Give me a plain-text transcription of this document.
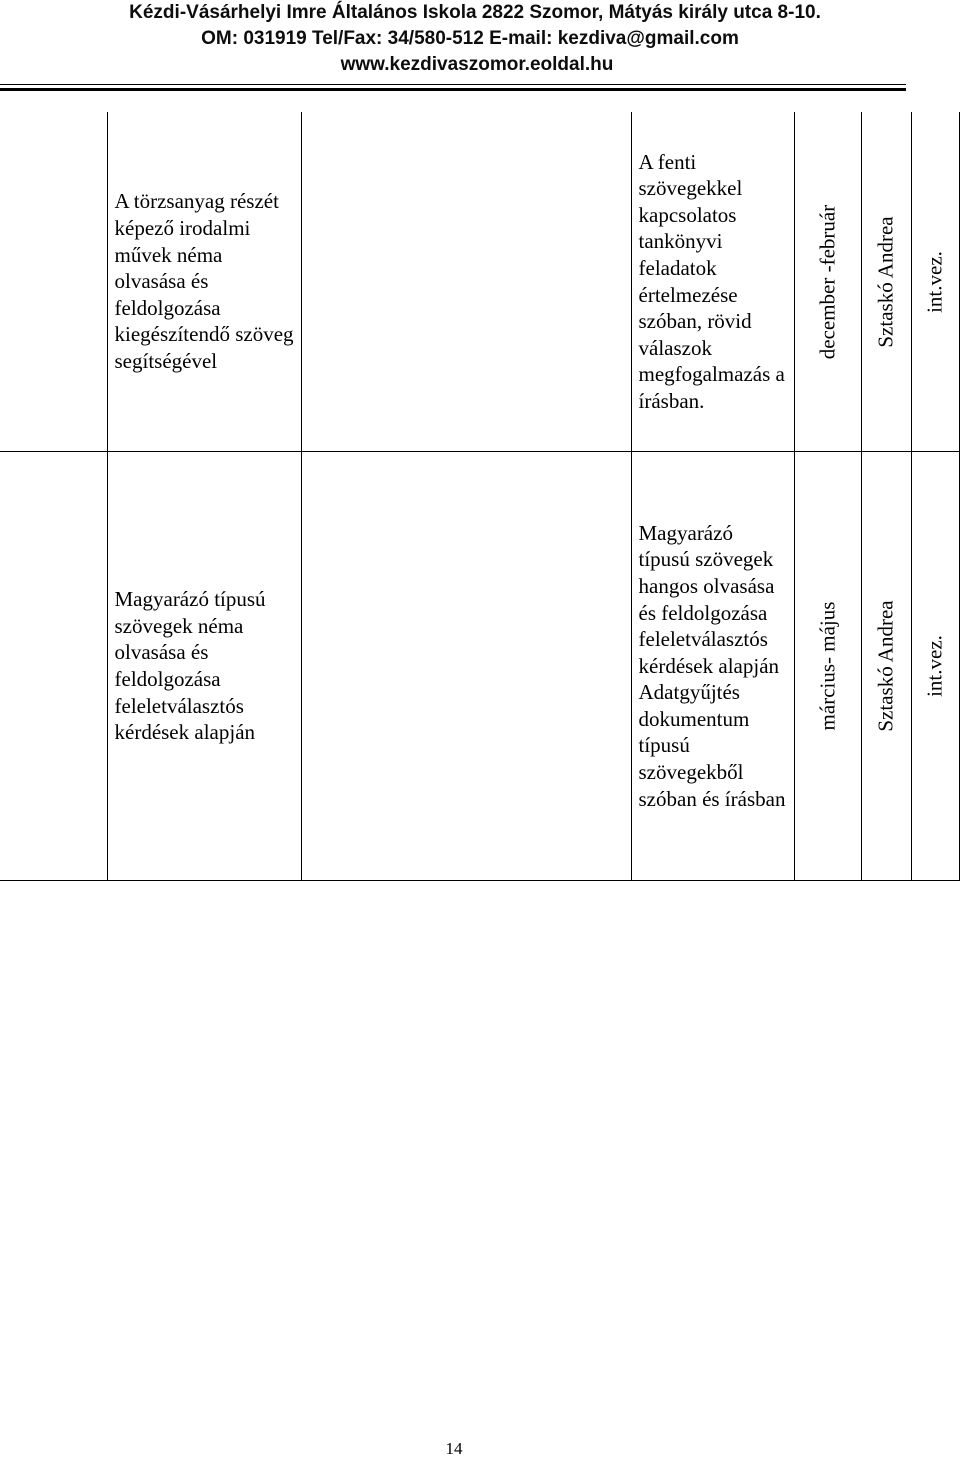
Kézdi-Vásárhelyi Imre Általános Iskola 2822 Szomor, Mátyás király utca 8-10.
OM: 031919 Tel/Fax: 34/580-512 E-mail: kezdiva@gmail.com
www.kezdivaszomor.eoldal.hu

	A törzsanyag részét képező irodalmi művek néma olvasása és feldolgozása kiegészítendő szöveg segítségével		A fenti szövegekkel kapcsolatos tankönyvi feladatok értelmezése szóban, rövid válaszok megfogalmazás a írásban.	december -február	Sztaskó Andrea	int.vez.

	Magyarázó típusú szövegek néma olvasása és feldolgozása feleletválasztós kérdések alapján		Magyarázó típusú szövegek hangos olvasása és feldolgozása feleletválasztós kérdések alapján Adatgyűjtés dokumentum típusú szövegekből szóban és írásban	március- május	Sztaskó Andrea	int.vez.
14
